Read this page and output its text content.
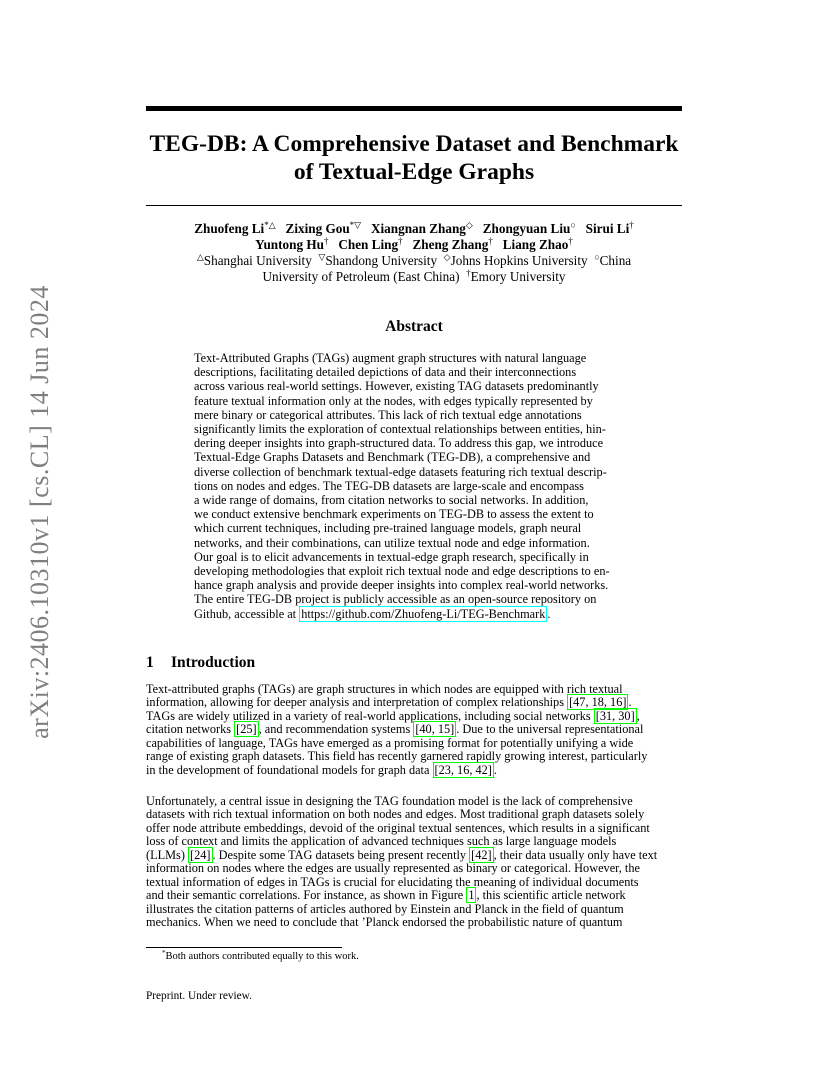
arXiv:2406.10310v1 [cs.CL] 14 Jun 2024
TEG-DB: A Comprehensive Dataset and Benchmark
of Textual-Edge Graphs
Zhuofeng Li*△ Zixing Gou*▽ Xiangnan Zhang◇ Zhongyuan Liu○ Sirui Li†
Yuntong Hu† Chen Ling† Zheng Zhang† Liang Zhao†
△Shanghai University ▽Shandong University ◇Johns Hopkins University ○China
University of Petroleum (East China) †Emory University
Abstract
Text-Attributed Graphs (TAGs) augment graph structures with natural language
descriptions, facilitating detailed depictions of data and their interconnections
across various real-world settings. However, existing TAG datasets predominantly
feature textual information only at the nodes, with edges typically represented by
mere binary or categorical attributes. This lack of rich textual edge annotations
significantly limits the exploration of contextual relationships between entities, hin-
dering deeper insights into graph-structured data. To address this gap, we introduce
Textual-Edge Graphs Datasets and Benchmark (TEG-DB), a comprehensive and
diverse collection of benchmark textual-edge datasets featuring rich textual descrip-
tions on nodes and edges. The TEG-DB datasets are large-scale and encompass
a wide range of domains, from citation networks to social networks. In addition,
we conduct extensive benchmark experiments on TEG-DB to assess the extent to
which current techniques, including pre-trained language models, graph neural
networks, and their combinations, can utilize textual node and edge information.
Our goal is to elicit advancements in textual-edge graph research, specifically in
developing methodologies that exploit rich textual node and edge descriptions to en-
hance graph analysis and provide deeper insights into complex real-world networks.
The entire TEG-DB project is publicly accessible as an open-source repository on
Github, accessible at https://github.com/Zhuofeng-Li/TEG-Benchmark .
1 Introduction
Text-attributed graphs (TAGs) are graph structures in which nodes are equipped with rich textual
information, allowing for deeper analysis and interpretation of complex relationships [47, 18, 16] .
TAGs are widely utilized in a variety of real-world applications, including social networks [31, 30] ,
citation networks [25] , and recommendation systems [40, 15] . Due to the universal representational
capabilities of language, TAGs have emerged as a promising format for potentially unifying a wide
range of existing graph datasets. This field has recently garnered rapidly growing interest, particularly
in the development of foundational models for graph data [23, 16, 42] .
Unfortunately, a central issue in designing the TAG foundation model is the lack of comprehensive
datasets with rich textual information on both nodes and edges. Most traditional graph datasets solely
offer node attribute embeddings, devoid of the original textual sentences, which results in a significant
loss of context and limits the application of advanced techniques such as large language models
(LLMs) [24] . Despite some TAG datasets being present recently [42] , their data usually only have text
information on nodes where the edges are usually represented as binary or categorical. However, the
textual information of edges in TAGs is crucial for elucidating the meaning of individual documents
and their semantic correlations. For instance, as shown in Figure 1 , this scientific article network
illustrates the citation patterns of articles authored by Einstein and Planck in the field of quantum
mechanics. When we need to conclude that ’Planck endorsed the probabilistic nature of quantum
*Both authors contributed equally to this work.
Preprint. Under review.
